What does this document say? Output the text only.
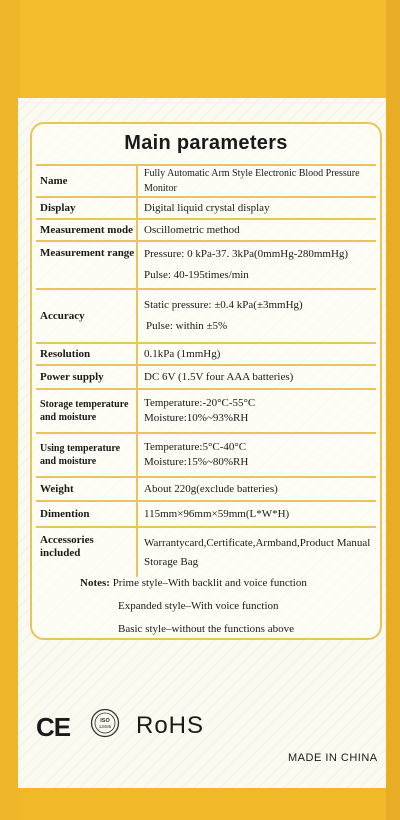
Main parameters
Name	Fully Automatic Arm Style Electronic Blood Pressure Monitor

Display	Digital liquid crystal display

Measurement mode	Oscillometric method

Measurement range	Pressure: 0 kPa-37. 3kPa(0mmHg-280mmHg)
Pulse: 40-195times/min

Accuracy	Static pressure: ±0.4 kPa(±3mmHg)
Pulse: within ±5%

Resolution	0.1kPa (1mmHg)

Power supply	DC 6V (1.5V four AAA batteries)

Storage temperature and moisture	Temperature:-20°C-55°C
Moisture:10%~93%RH

Using temperature and moisture	Temperature:5°C-40°C
Moisture:15%~80%RH

Weight	About 220g(exclude batteries)

Dimention	115mm×96mm×59mm(L*W*H)

Accessories included	Warrantycard,Certificate,Armband,Product Manual
Storage Bag
Notes: Prime style–With backlit and voice function
Expanded style–With voice function
Basic style–without the functions above
CE	ISO
13485 RoHS
MADE IN CHINA
